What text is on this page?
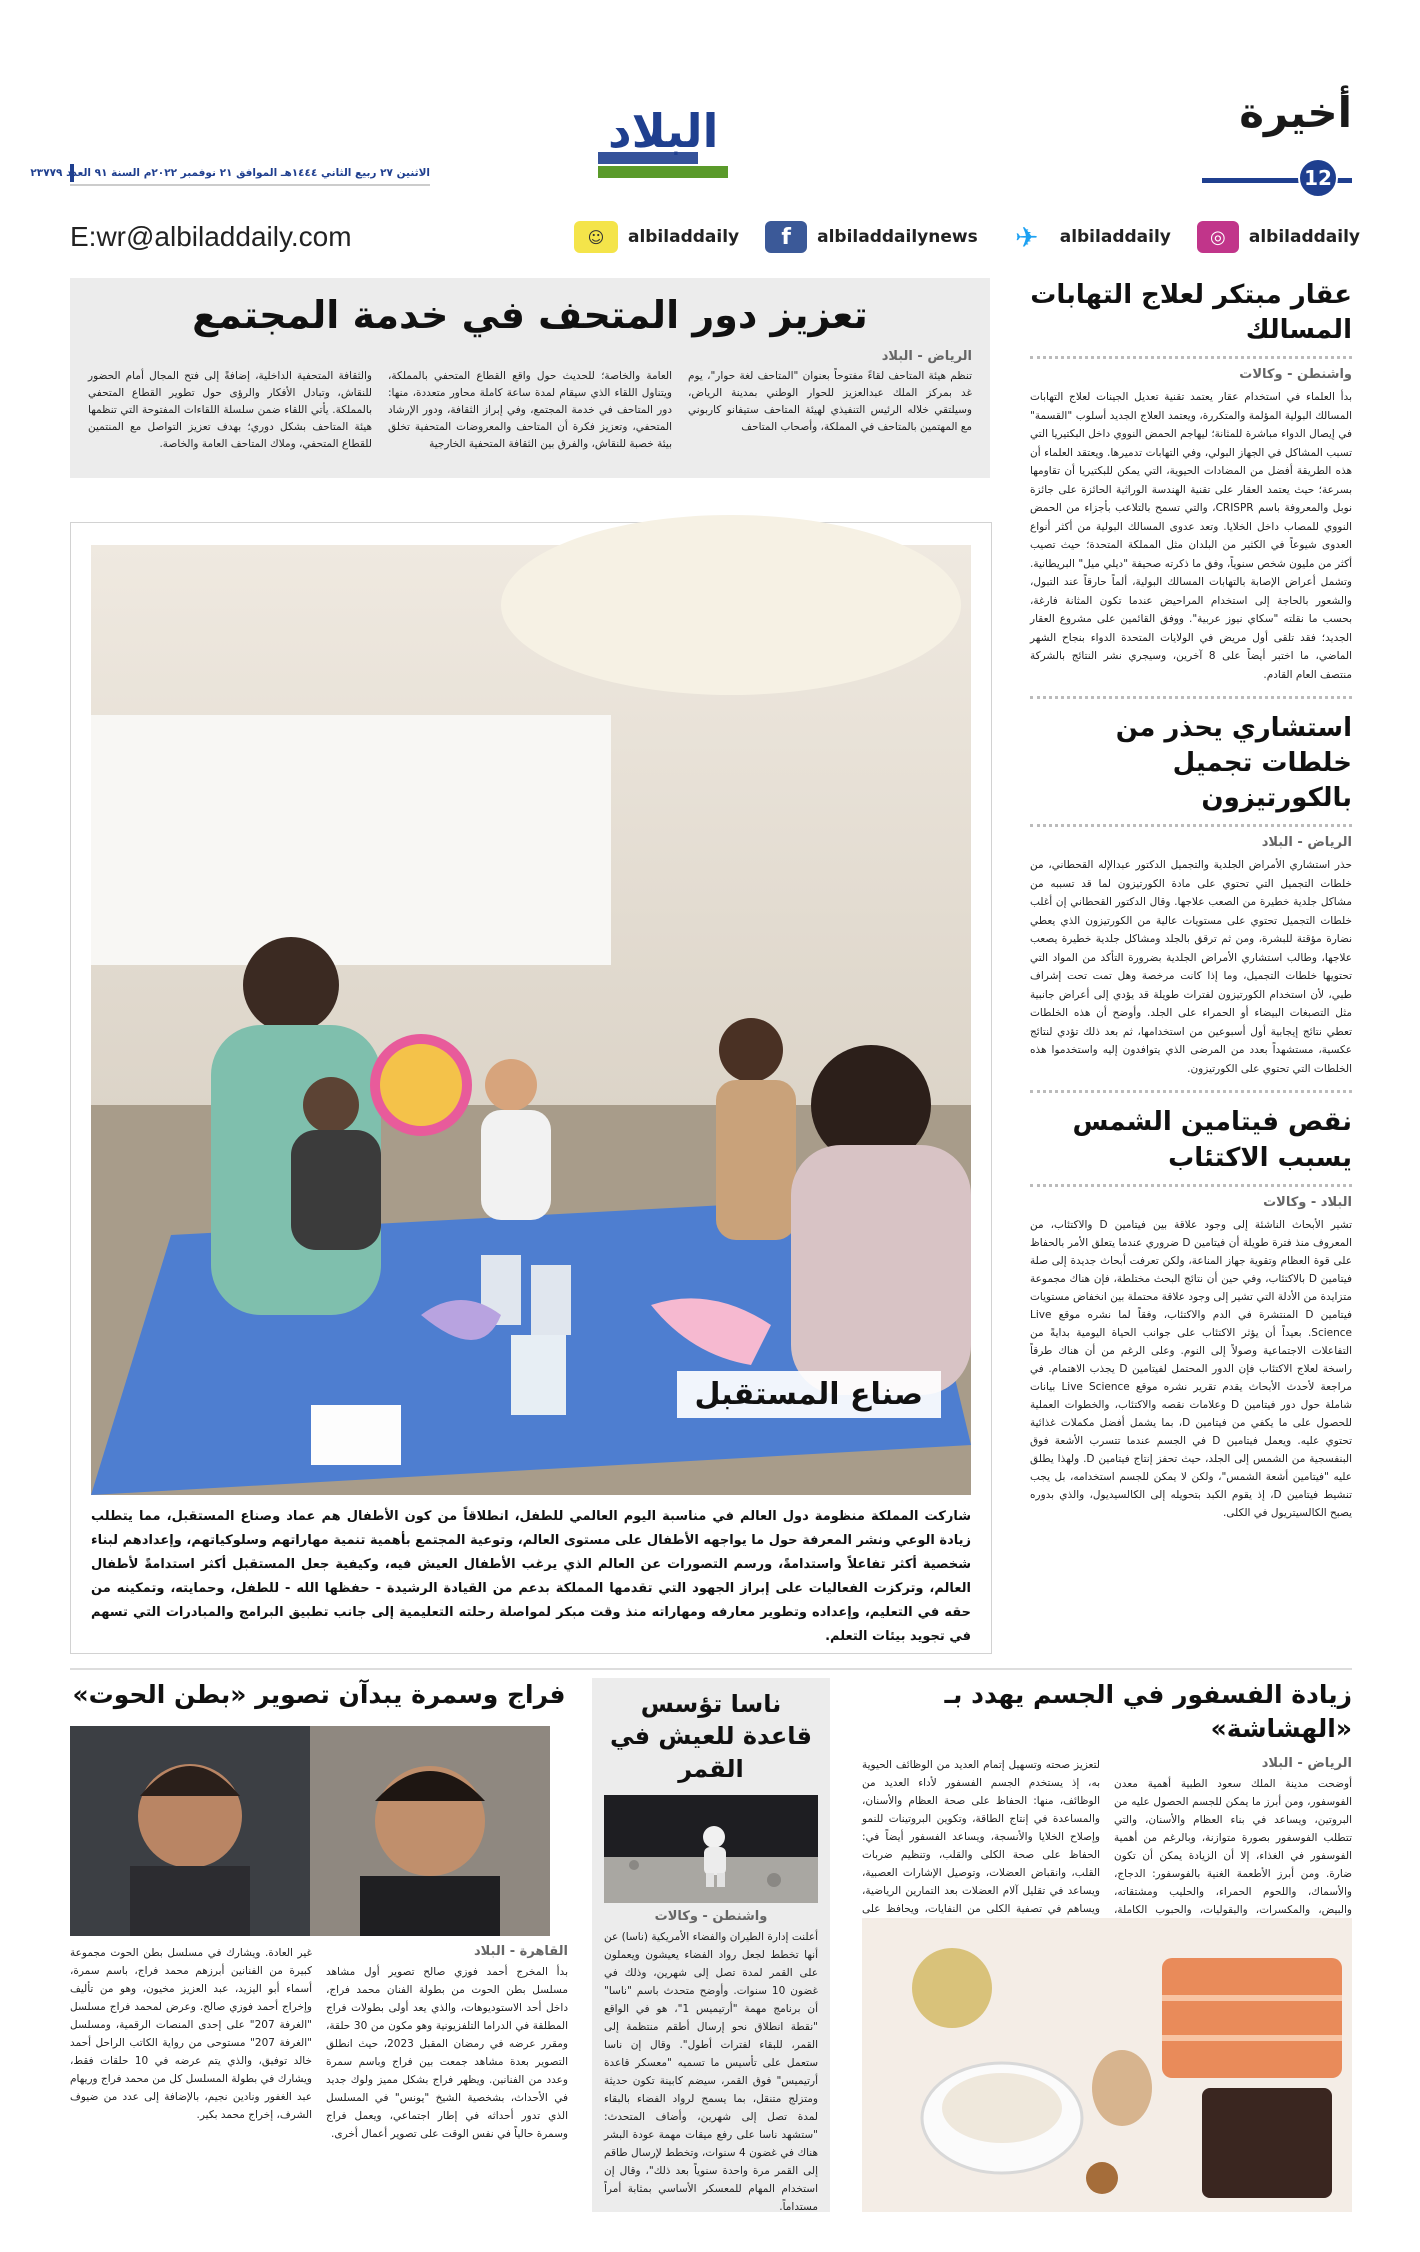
أخيرة
12
البلاد
الاثنين ٢٧ ربيع الثاني ١٤٤٤هـ الموافق ٢١ نوفمبر ٢٠٢٢م السنة ٩١ العدد ٢٣٧٧٩
E:wr@albiladdaily.com	☺	albiladdaily	f	albiladdailynews	✈	albiladdaily	◎	albiladdaily
تعزيز دور المتحف في خدمة المجتمع
الرياض - البلاد
تنظم هيئة المتاحف لقاءً مفتوحاً بعنوان "المتاحف لغة حوار"، يوم غد بمركز الملك عبدالعزيز للحوار الوطني بمدينة الرياض، وسيلتقي خلاله الرئيس التنفيذي لهيئة المتاحف ستيفانو كاربوني مع المهتمين بالمتاحف في المملكة، وأصحاب المتاحف
العامة والخاصة؛ للحديث حول واقع القطاع المتحفي بالمملكة، ويتناول اللقاء الذي سيقام لمدة ساعة كاملة محاور متعددة، منها: دور المتاحف في خدمة المجتمع، وفي إبراز الثقافة، ودور الإرشاد المتحفي، وتعزيز فكرة أن المتاحف والمعروضات المتحفية تخلق بيئة خصبة للنقاش، والفرق بين الثقافة المتحفية الخارجية
والثقافة المتحفية الداخلية، إضافةً إلى فتح المجال أمام الحضور للنقاش، وتبادل الأفكار والرؤى حول تطوير القطاع المتحفي بالمملكة. يأتي اللقاء ضمن سلسلة اللقاءات المفتوحة التي تنظمها هيئة المتاحف بشكل دوري؛ بهدف تعزيز التواصل مع المنتمين للقطاع المتحفي، وملاك المتاحف العامة والخاصة.
صناع المستقبل
شاركت المملكة منظومة دول العالم في مناسبة اليوم العالمي للطفل، انطلاقاً من كون الأطفال هم عماد وصناع المستقبل، مما يتطلب زيادة الوعي ونشر المعرفة حول ما يواجهه الأطفال على مستوى العالم، وتوعية المجتمع بأهمية تنمية مهاراتهم وسلوكياتهم، وإعدادهم لبناء شخصية أكثر تفاعلاً واستدامةً، ورسم التصورات عن العالم الذي يرغب الأطفال العيش فيه، وكيفية جعل المستقبل أكثر استدامةً لأطفال العالم، وتركزت الفعاليات على إبراز الجهود التي تقدمها المملكة بدعم من القيادة الرشيدة - حفظها الله - للطفل، وحمايته، وتمكينه من حقه في التعليم، وإعداده وتطوير معارفه ومهاراته منذ وقت مبكر لمواصلة رحلته التعليمية إلى جانب تطبيق البرامج والمبادرات التي تسهم في تجويد بيئات التعلم.
عقار مبتكر لعلاج التهابات المسالك
واشنطن - وكالات
بدأ العلماء في استخدام عقار يعتمد تقنية تعديل الجينات لعلاج التهابات المسالك البولية المؤلمة والمتكررة، ويعتمد العلاج الجديد أسلوب "القسمة" في إيصال الدواء مباشرة للمثانة؛ ليهاجم الحمض النووي داخل البكتيريا التي تسبب المشاكل في الجهاز البولي، وفي التهابات تدميرها. ويعتقد العلماء أن هذه الطريقة أفضل من المضادات الحيوية، التي يمكن للبكتيريا أن تقاومها بسرعة؛ حيث يعتمد العقار على تقنية الهندسة الوراثية الحائزة على جائزة نوبل والمعروفة باسم CRISPR، والتي تسمح بالتلاعب بأجزاء من الحمض النووي للمصاب داخل الخلايا. وتعد عدوى المسالك البولية من أكثر أنواع العدوى شيوعاً في الكثير من البلدان مثل المملكة المتحدة؛ حيث تصيب أكثر من مليون شخص سنوياً، وفق ما ذكرته صحيفة "ديلي ميل" البريطانية. وتشمل أعراض الإصابة بالتهابات المسالك البولية، ألماً حارقاً عند التبول، والشعور بالحاجة إلى استخدام المراحيض عندما تكون المثانة فارغة، بحسب ما نقلته "سكاي نيوز عربية". ووفق القائمين على مشروع العقار الجديد؛ فقد تلقى أول مريض في الولايات المتحدة الدواء بنجاح الشهر الماضي، ما اختبر أيضاً على 8 آخرين، وسيجري نشر النتائج بالشركة منتصف العام القادم.
استشاري يحذر من خلطات تجميل بالكورتيزون
الرياض - البلاد
حذر استشاري الأمراض الجلدية والتجميل الدكتور عبدالإله القحطاني، من خلطات التجميل التي تحتوي على مادة الكورتيزون لما قد تسببه من مشاكل جلدية خطيرة من الصعب علاجها. وقال الدكتور القحطاني إن أغلب خلطات التجميل تحتوي على مستويات عالية من الكورتيزون الذي يعطي نضارة مؤقتة للبشرة، ومن ثم ترقق بالجلد ومشاكل جلدية خطيرة يصعب علاجها، وطالب استشاري الأمراض الجلدية بضرورة التأكد من المواد التي تحتويها خلطات التجميل، وما إذا كانت مرخصة وهل تمت تحت إشراف طبي، لأن استخدام الكورتيزون لفترات طويلة قد يؤدي إلى أعراض جانبية مثل التصبغات البيضاء أو الحمراء على الجلد. وأوضح أن هذه الخلطات تعطي نتائج إيجابية أول أسبوعين من استخدامها، ثم بعد ذلك تؤدي لنتائج عكسية، مستشهداً بعدد من المرضى الذي يتوافدون إليه واستخدموا هذه الخلطات التي تحتوي على الكورتيزون.
نقص فيتامين الشمس يسبب الاكتئاب
البلاد - وكالات
تشير الأبحاث الناشئة إلى وجود علاقة بين فيتامين D والاكتئاب، من المعروف منذ فترة طويلة أن فيتامين D ضروري عندما يتعلق الأمر بالحفاظ على قوة العظام وتقوية جهاز المناعة، ولكن تعرفت أبحاث جديدة إلى صلة فيتامين D بالاكتئاب، وفي حين أن نتائج البحث مختلطة، فإن هناك مجموعة متزايدة من الأدلة التي تشير إلى وجود علاقة محتملة بين انخفاض مستويات فيتامين D المنتشرة في الدم والاكتئاب، وفقاً لما نشره موقع Live Science. بعيداً أن يؤثر الاكتئاب على جوانب الحياة اليومية بدايةً من التفاعلات الاجتماعية وصولاً إلى النوم. وعلى الرغم من أن هناك طرقاً راسخة لعلاج الاكتئاب فإن الدور المحتمل لفيتامين D يجذب الاهتمام. في مراجعة لأحدث الأبحاث يقدم تقرير نشره موقع Live Science بيانات شاملة حول دور فيتامين D وعلامات نقصه والاكتئاب، والخطوات العملية للحصول على ما يكفي من فيتامين D، بما يشمل أفضل مكملات غذائية تحتوي عليه. ويعمل فيتامين D في الجسم عندما تتسرب الأشعة فوق البنفسجية من الشمس إلى الجلد، حيث تحفز إنتاج فيتامين D. ولهذا يطلق عليه "فيتامين أشعة الشمس"، ولكن لا يمكن للجسم استخدامه، بل يجب تنشيط فيتامين D، إذ يقوم الكبد بتحويله إلى الكالسيديول، والذي بدوره يصبح الكالسيتريول في الكلى.
زيادة الفسفور في الجسم يهدد بـ «الهشاشة»
الرياض - البلاد
أوضحت مدينة الملك سعود الطبية أهمية معدن الفوسفور، ومن أبرز ما يمكن للجسم الحصول عليه من البروتين، ويساعد في بناء العظام والأسنان، والتي تتطلب الفوسفور بصورة متوازنة، وبالرغم من أهمية الفوسفور في الغذاء، إلا أن الزيادة يمكن أن تكون ضارة. ومن أبرز الأطعمة الغنية بالفوسفور: الدجاج، والأسماك، واللحوم الحمراء، والحليب ومشتقاته، والبيض، والمكسرات، والبقوليات، والحبوب الكاملة،
لتعزيز صحته وتسهيل إتمام العديد من الوظائف الحيوية به، إذ يستخدم الجسم الفسفور لأداء العديد من الوظائف، منها: الحفاظ على صحة العظام والأسنان، والمساعدة في إنتاج الطاقة، وتكوين البروتينات للنمو وإصلاح الخلايا والأنسجة، ويساعد الفسفور أيضاً في: الحفاظ على صحة الكلى والقلب، وتنظيم ضربات القلب، وانقباض العضلات، وتوصيل الإشارات العصبية، ويساعد في تقليل آلام العضلات بعد التمارين الرياضية، ويساهم في تصفية الكلى من النفايات، ويحافظ على
ناسا تؤسس قاعدة للعيش في القمر
واشنطن - وكالات
أعلنت إدارة الطيران والفضاء الأمريكية (ناسا) عن أنها تخطط لجعل رواد الفضاء يعيشون ويعملون على القمر لمدة تصل إلى شهرين، وذلك في غضون 10 سنوات. وأوضح متحدث باسم "ناسا" أن برنامج مهمة "أرتيميس 1"، هو في الواقع "نقطة انطلاق نحو إرسال أطقم منتظمة إلى القمر، للبقاء لفترات أطول". وقال إن ناسا ستعمل على تأسيس ما تسميه "معسكر قاعدة أرتيميس" فوق القمر، سيضم كابينة تكون حديثة ومتزلج متنقل، بما يسمح لرواد الفضاء بالبقاء لمدة تصل إلى شهرين، وأضاف المتحدث: "ستشهد ناسا على رفع ميقات مهمة عودة البشر هناك في غضون 4 سنوات، وتخطط لإرسال طاقم إلى القمر مرة واحدة سنوياً بعد ذلك"، وقال إن استخدام المهام للمعسكر الأساسي بمثابة أمراً مستداماً.
فراج وسمرة يبدآن تصوير «بطن الحوت»
القاهرة - البلاد
بدأ المخرج أحمد فوزي صالح تصوير أول مشاهد مسلسل بطن الحوت من بطولة الفنان محمد فراج، داخل أحد الاستوديوهات، والذي يعد أولى بطولات فراج المطلقة في الدراما التلفزيونية وهو مكون من 30 حلقة، ومقرر عرضه في رمضان المقبل 2023، حيث انطلق التصوير بعدة مشاهد جمعت بين فراج وباسم سمرة وعدد من الفنانين. ويظهر فراج بشكل مميز ولوك جديد في الأحداث، بشخصية الشيخ "يونس" في المسلسل الذي تدور أحداثه في إطار اجتماعي، ويعمل فراج وسمرة حالياً في نفس الوقت على تصوير أعمال أخرى.
غير العادة. ويشارك في مسلسل بطن الحوت مجموعة كبيرة من الفنانين أبرزهم محمد فراج، باسم سمرة، أسماء أبو اليزيد، عبد العزيز مخيون، وهو من تأليف وإخراج أحمد فوزي صالح. وعرض لمحمد فراج مسلسل "الغرفة 207" على إحدى المنصات الرقمية، ومسلسل "الغرفة 207" مستوحى من رواية الكاتب الراحل أحمد خالد توفيق، والذي يتم عرضه في 10 حلقات فقط، ويشارك في بطولة المسلسل كل من محمد فراج وريهام عبد الغفور ونادين نجيم، بالإضافة إلى عدد من ضيوف الشرف، إخراج محمد بكير.
